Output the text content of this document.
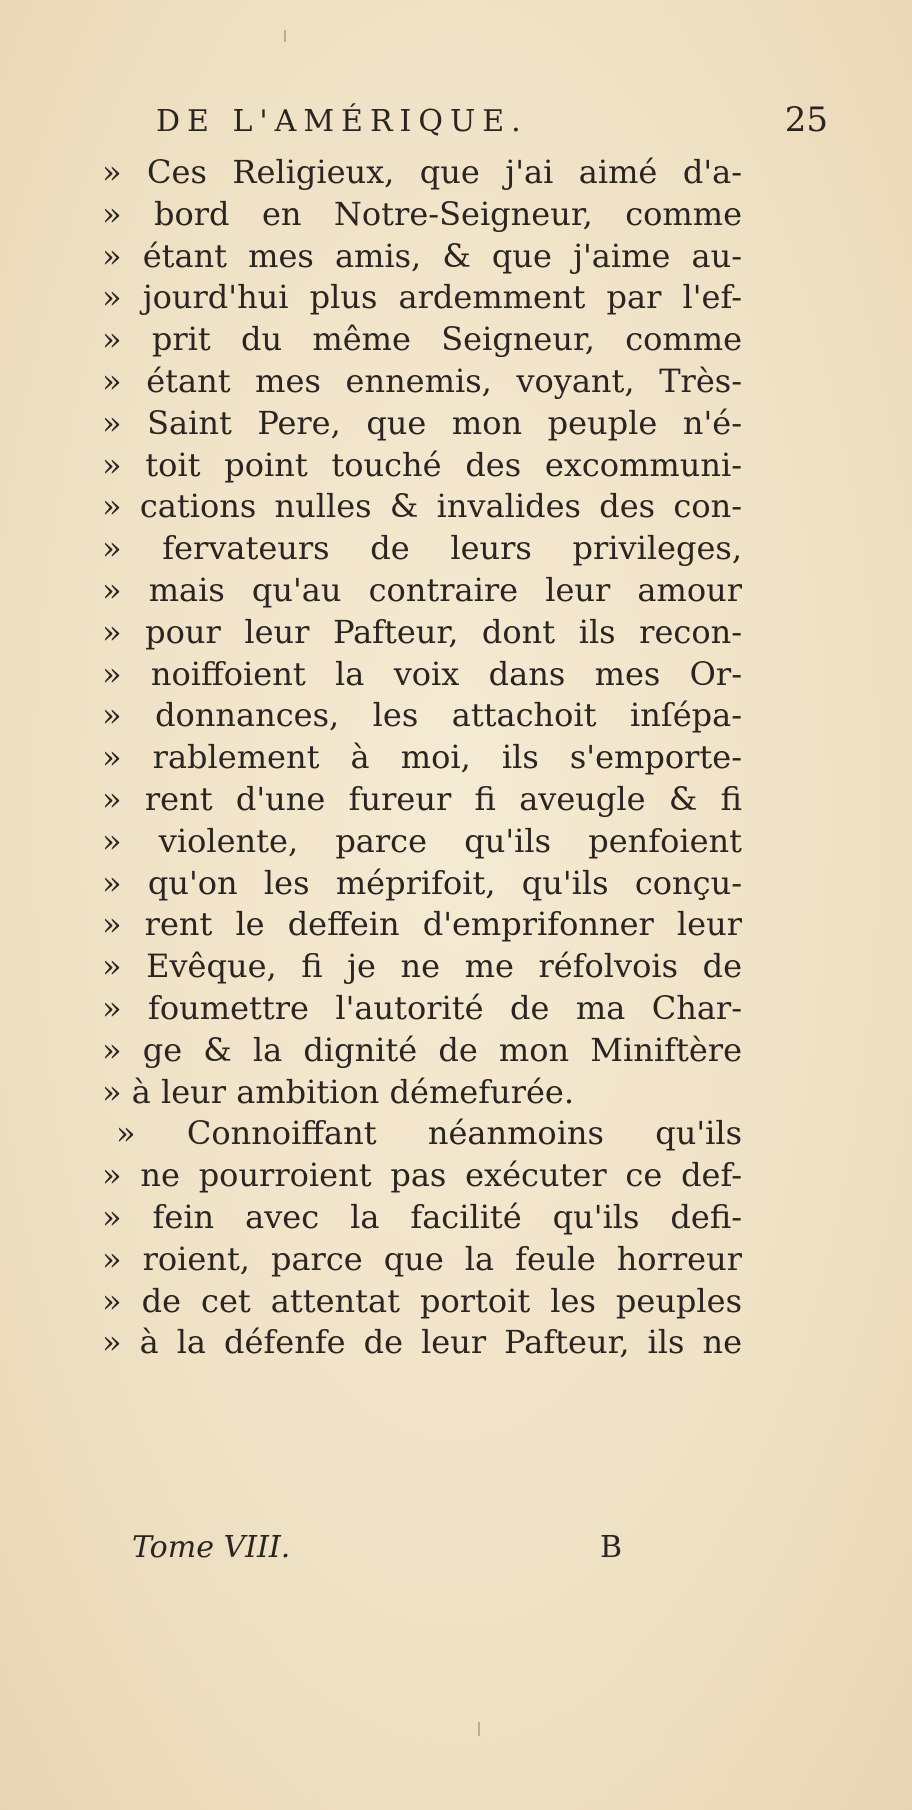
DE L'AMÉRIQUE.	25
» Ces Religieux, que j'ai aimé d'a-
» bord en Notre-Seigneur, comme
» étant mes amis, & que j'aime au-
» jourd'hui plus ardemment par l'ef-
» prit du même Seigneur, comme
» étant mes ennemis, voyant, Très-
» Saint Pere, que mon peuple n'é-
» toit point touché des excommuni-
» cations nulles & invalides des con-
» fervateurs de leurs privileges,
» mais qu'au contraire leur amour
» pour leur Pafteur, dont ils recon-
» noiffoient la voix dans mes Or-
» donnances, les attachoit inſépa-
» rablement à moi, ils s'emporte-
» rent d'une fureur fi aveugle & fi
» violente, parce qu'ils penfoient
» qu'on les méprifoit, qu'ils conçu-
» rent le deffein d'emprifonner leur
» Evêque, fi je ne me réfolvois de
» foumettre l'autorité de ma Char-
» ge & la dignité de mon Miniftère
» à leur ambition démefurée.
» Connoiffant néanmoins qu'ils
» ne pourroient pas exécuter ce def-
» fein avec la facilité qu'ils defi-
» roient, parce que la feule horreur
» de cet attentat portoit les peuples
» à la défenfe de leur Pafteur, ils ne
Tome VIII.	B
